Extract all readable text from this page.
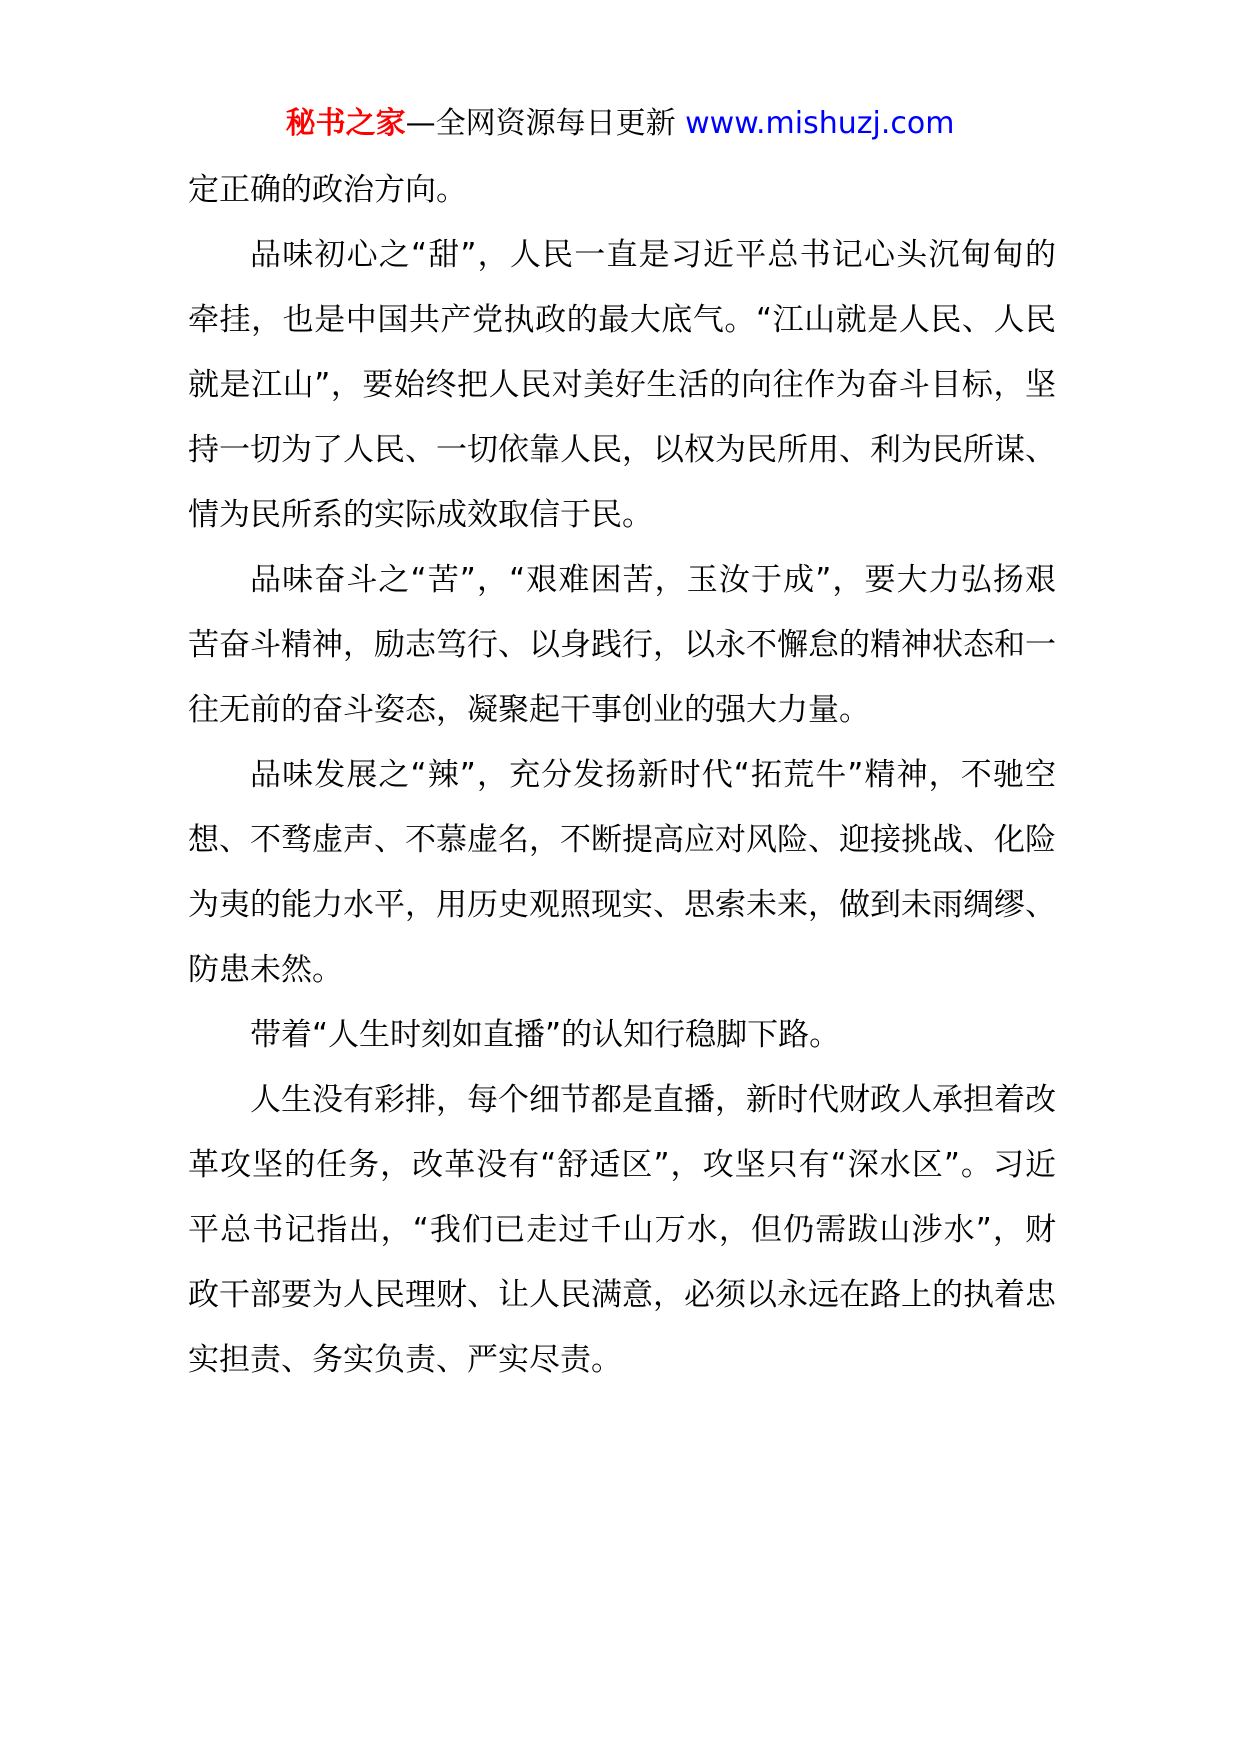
秘书之家—全网资源每日更新 www.mishuzj.com

定正确的政治方向。

品味初心之“甜”，人民一直是习近平总书记心头沉甸甸的牵挂，也是中国共产党执政的最大底气。“江山就是人民、人民就是江山”，要始终把人民对美好生活的向往作为奋斗目标，坚持一切为了人民、一切依靠人民，以权为民所用、利为民所谋、情为民所系的实际成效取信于民。

品味奋斗之“苦”，“艰难困苦，玉汝于成”，要大力弘扬艰苦奋斗精神，励志笃行、以身践行，以永不懈怠的精神状态和一往无前的奋斗姿态，凝聚起干事创业的强大力量。

品味发展之“辣”，充分发扬新时代“拓荒牛”精神，不驰空想、不骛虚声、不慕虚名，不断提高应对风险、迎接挑战、化险为夷的能力水平，用历史观照现实、思索未来，做到未雨绸缪、防患未然。

带着“人生时刻如直播”的认知行稳脚下路。

人生没有彩排，每个细节都是直播，新时代财政人承担着改革攻坚的任务，改革没有“舒适区”，攻坚只有“深水区”。习近平总书记指出，“我们已走过千山万水，但仍需跋山涉水”，财政干部要为人民理财、让人民满意，必须以永远在路上的执着忠实担责、务实负责、严实尽责。
